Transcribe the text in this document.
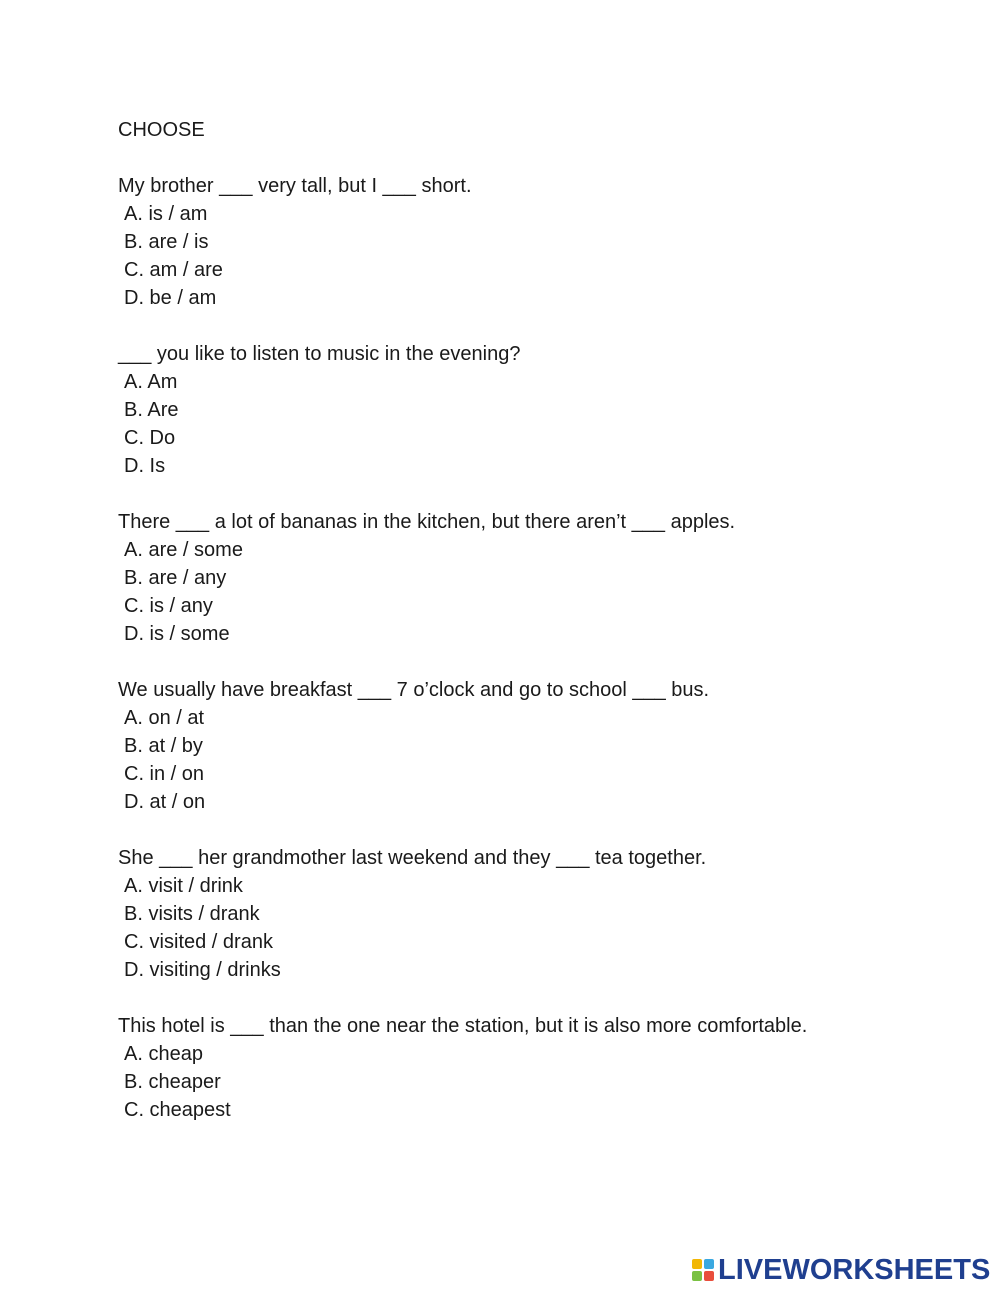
CHOOSE

My brother ___ very tall, but I ___ short.

A. is / am

B. are / is

C. am / are

D. be / am

___ you like to listen to music in the evening?

A. Am

B. Are

C. Do

D. Is

There ___ a lot of bananas in the kitchen, but there aren’t ___ apples.

A. are / some

B. are / any

C. is / any

D. is / some

We usually have breakfast ___ 7 o’clock and go to school ___ bus.

A. on / at

B. at / by

C. in / on

D. at / on

She ___ her grandmother last weekend and they ___ tea together.

A. visit / drink

B. visits / drank

C. visited / drank

D. visiting / drinks

This hotel is ___ than the one near the station, but it is also more comfortable.

A. cheap

B. cheaper

C. cheapest

LIVEWORKSHEETS
